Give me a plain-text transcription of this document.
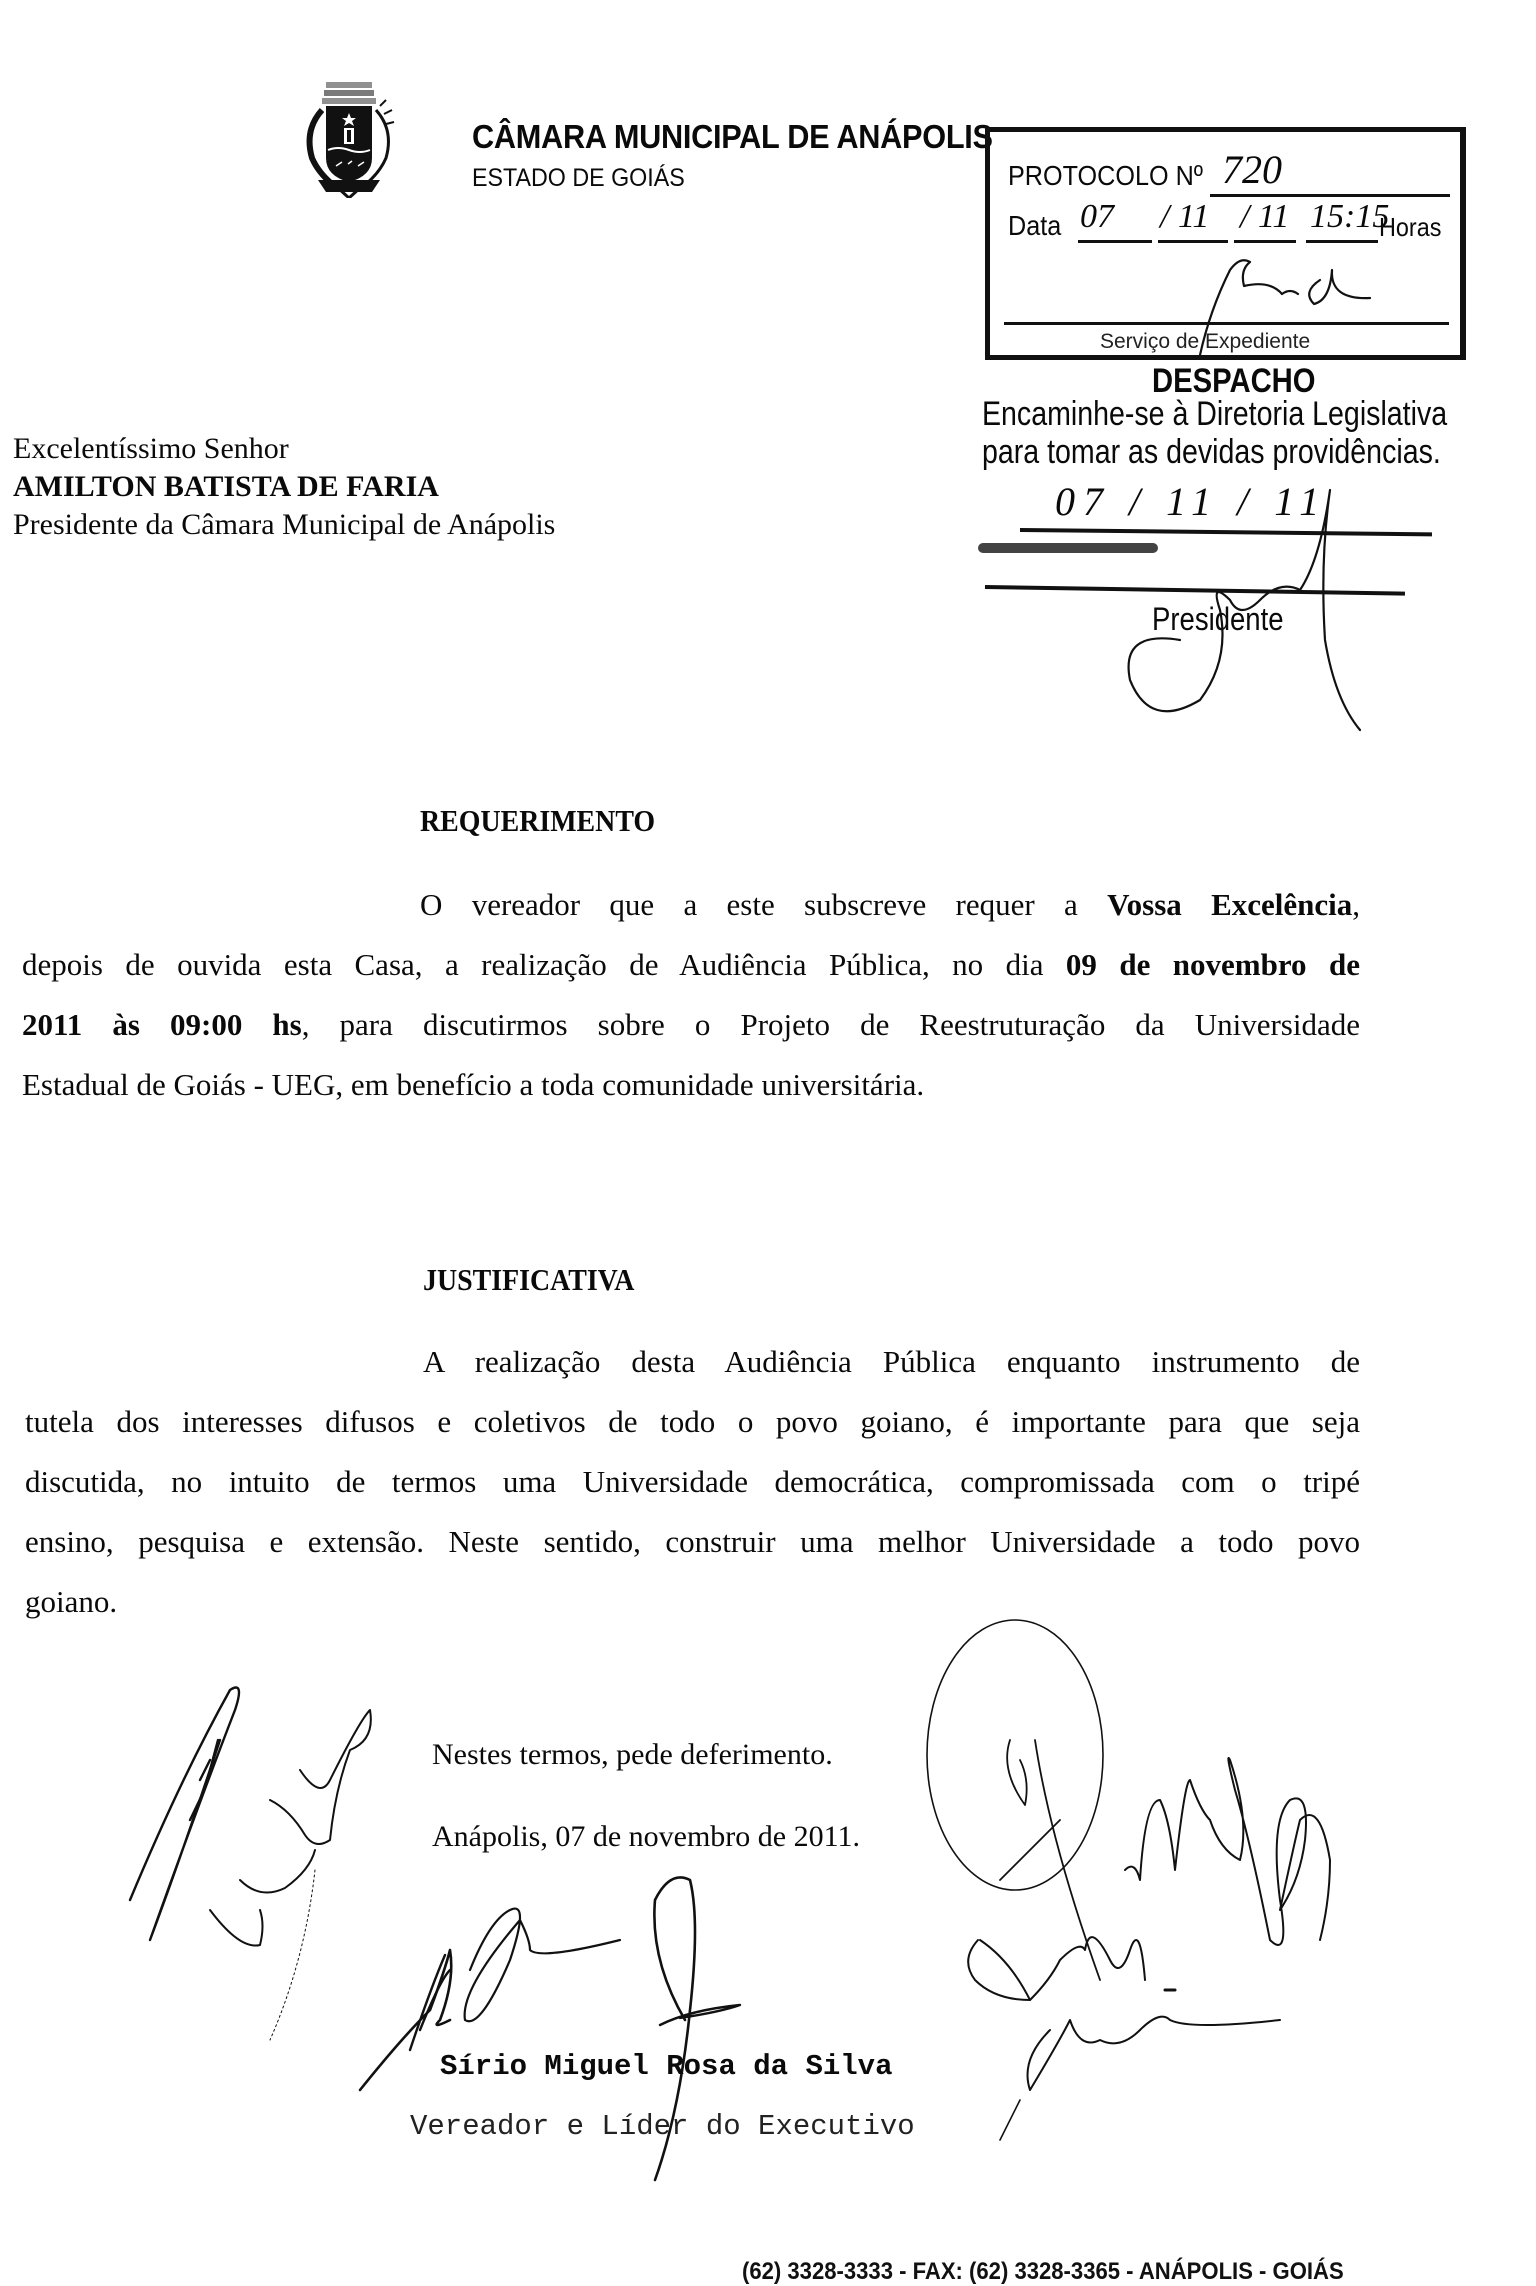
CÂMARA MUNICIPAL DE ANÁPOLIS
ESTADO DE GOIÁS	PROTOCOLO Nº 720
Data 07 / 11 / 11 15:15
Horas
Serviço de Expediente
DESPACHO
Encaminhe-se à Diretoria Legislativa
para tomar as devidas providências.
07 / 11 / 11
Presidente
Excelentíssimo Senhor
AMILTON BATISTA DE FARIA
Presidente da Câmara Municipal de Anápolis
REQUERIMENTO
O vereador que a este subscreve requer a Vossa Excelência,
depois de ouvida esta Casa, a realização de Audiência Pública, no dia 09 de novembro de
2011 às 09:00 hs, para discutirmos sobre o Projeto de Reestruturação da Universidade
Estadual de Goiás - UEG, em benefício a toda comunidade universitária.
JUSTIFICATIVA
A realização desta Audiência Pública enquanto instrumento de
tutela dos interesses difusos e coletivos de todo o povo goiano, é importante para que seja
discutida, no intuito de termos uma Universidade democrática, compromissada com o tripé
ensino, pesquisa e extensão. Neste sentido, construir uma melhor Universidade a todo povo
goiano.
Nestes termos, pede deferimento.
Anápolis, 07 de novembro de 2011.
Sírio Miguel Rosa da Silva
Vereador e Líder do Executivo
(62) 3328-3333 - FAX: (62) 3328-3365 - ANÁPOLIS - GOIÁS
